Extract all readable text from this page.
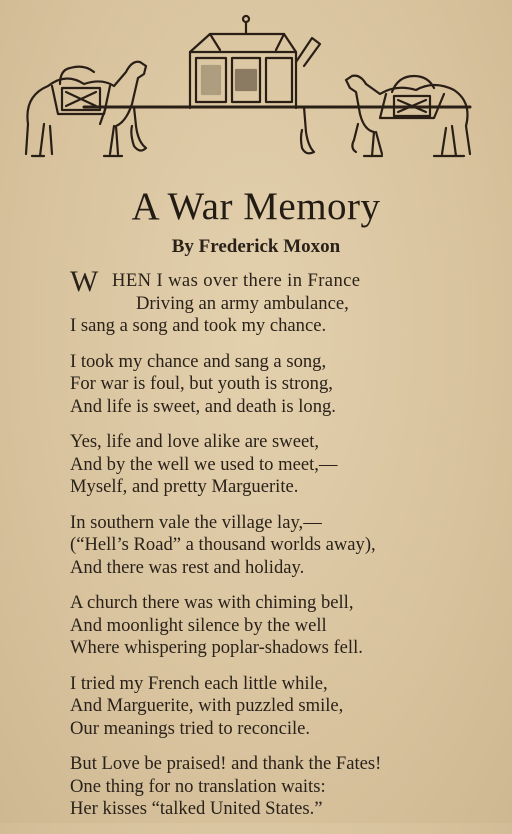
A War Memory
By Frederick Moxon
W HEN I was over there in France
Driving an army ambulance,
I sang a song and took my chance.
I took my chance and sang a song,
For war is foul, but youth is strong,
And life is sweet, and death is long.
Yes, life and love alike are sweet,
And by the well we used to meet,—
Myself, and pretty Marguerite.
In southern vale the village lay,—
(“Hell’s Road” a thousand worlds away),
And there was rest and holiday.
A church there was with chiming bell,
And moonlight silence by the well
Where whispering poplar-shadows fell.
I tried my French each little while,
And Marguerite, with puzzled smile,
Our meanings tried to reconcile.
But Love be praised! and thank the Fates!
One thing for no translation waits:
Her kisses “talked United States.”
